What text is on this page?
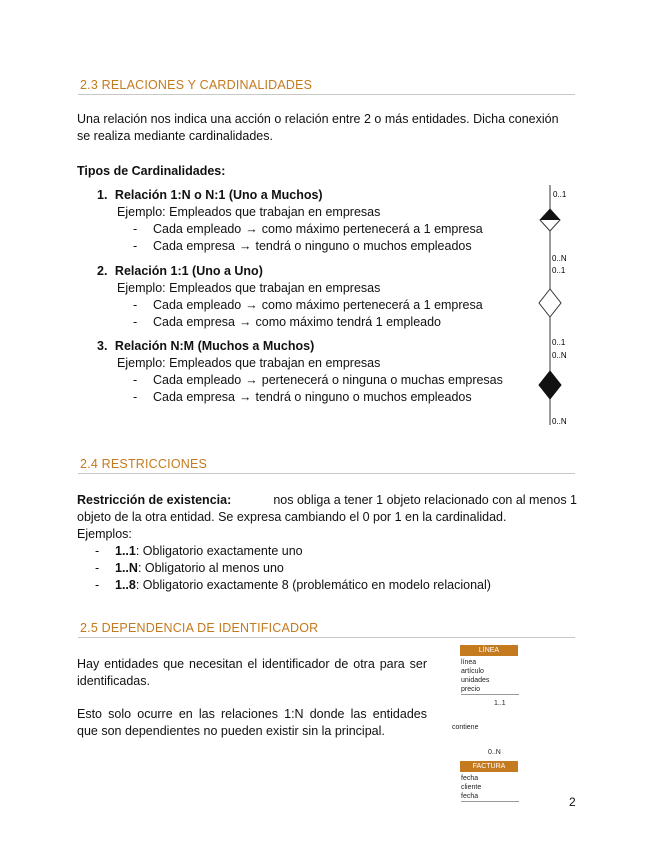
2.3 RELACIONES Y CARDINALIDADES

Una relación nos indica una acción o relación entre 2 o más entidades. Dicha conexión

se realiza mediante cardinalidades.

Tipos de Cardinalidades:
1. Relación 1:N o N:1 (Uno a Muchos)
Ejemplo: Empleados que trabajan en empresas
- Cada empleado → como máximo pertenecerá a 1 empresa
- Cada empresa → tendrá o ninguno o muchos empleados
2. Relación 1:1 (Uno a Uno)
Ejemplo: Empleados que trabajan en empresas
- Cada empleado → como máximo pertenecerá a 1 empresa
- Cada empresa → como máximo tendrá 1 empleado
3. Relación N:M (Muchos a Muchos)
Ejemplo: Empleados que trabajan en empresas
- Cada empleado → pertenecerá o ninguna o muchas empresas
- Cada empresa → tendrá o ninguno o muchos empleados
0..1
0..N
0..1
0..1
0..N
0..N
2.4 RESTRICCIONES

Restricción de existencia:	nos obliga a tener 1 objeto relacionado con al menos 1

objeto de la otra entidad. Se expresa cambiando el 0 por 1 en la cardinalidad.

Ejemplos:

- 1..1: Obligatorio exactamente uno

- 1..N: Obligatorio al menos uno

- 1..8: Obligatorio exactamente 8 (problemático en modelo relacional)

2.5 DEPENDENCIA DE IDENTIFICADOR

Hay entidades que necesitan el identificador de otra para ser

identificadas.

Esto solo ocurre en las relaciones 1:N donde las entidades

que son dependientes no pueden existir sin la principal.

LÍNEA
línea
artículo
unidades
precio
1..1
contiene
0..N
FACTURA
fecha
cliente
fecha	2
